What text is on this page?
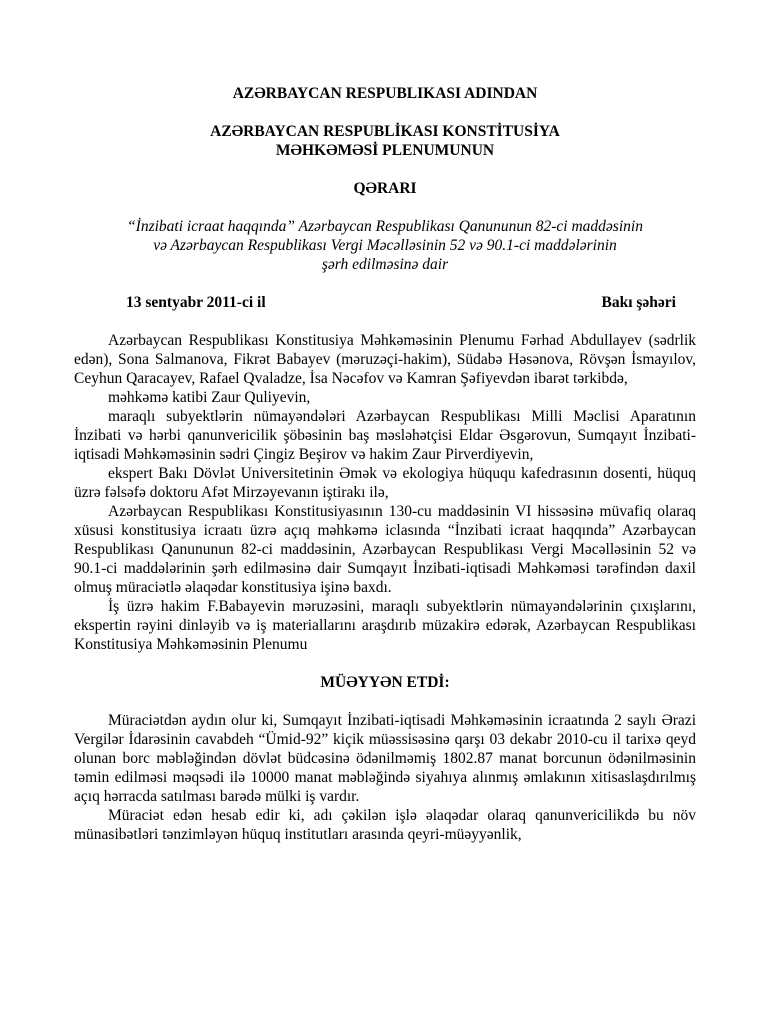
AZƏRBAYCAN RESPUBLIKASI ADINDAN
AZƏRBAYCAN RESPUBLİKASI KONSTİTUSİYA
MƏHKƏMƏSİ PLENUMUNUN
QƏRARI
“İnzibati icraat haqqında” Azərbaycan Respublikası Qanununun 82-ci maddəsinin
və Azərbaycan Respublikası Vergi Məcəlləsinin 52 və 90.1-ci maddələrinin
şərh edilməsinə dair
13 sentyabr 2011-ci il	Bakı şəhəri

Azərbaycan Respublikası Konstitusiya Məhkəməsinin Plenumu Fərhad Abdullayev (sədrlik edən), Sona Salmanova, Fikrət Babayev (məruzəçi-hakim), Südabə Həsənova, Rövşən İsmayılov, Ceyhun Qaracayev, Rafael Qvaladze, İsa Nəcəfov və Kamran Şəfiyevdən ibarət tərkibdə,

məhkəmə katibi Zaur Quliyevin,

maraqlı subyektlərin nümayəndələri Azərbaycan Respublikası Milli Məclisi Aparatının İnzibati və hərbi qanunvericilik şöbəsinin baş məsləhətçisi Eldar Əsgərovun, Sumqayıt İnzibati-iqtisadi Məhkəməsinin sədri Çingiz Beşirov və hakim Zaur Pirverdiyevin,

ekspert Bakı Dövlət Universitetinin Əmək və ekologiya hüququ kafedrasının dosenti, hüquq üzrə fəlsəfə doktoru Afət Mirzəyevanın iştirakı ilə,

Azərbaycan Respublikası Konstitusiyasının 130-cu maddəsinin VI hissəsinə müvafiq olaraq xüsusi konstitusiya icraatı üzrə açıq məhkəmə iclasında “İnzibati icraat haqqında” Azərbaycan Respublikası Qanununun 82-ci maddəsinin, Azərbaycan Respublikası Vergi Məcəlləsinin 52 və 90.1-ci maddələrinin şərh edilməsinə dair Sumqayıt İnzibati-iqtisadi Məhkəməsi tərəfindən daxil olmuş müraciətlə əlaqədar konstitusiya işinə baxdı.

İş üzrə hakim F.Babayevin məruzəsini, maraqlı subyektlərin nümayəndələrinin çıxışlarını, ekspertin rəyini dinləyib və iş materiallarını araşdırıb müzakirə edərək, Azərbaycan Respublikası Konstitusiya Məhkəməsinin Plenumu

MÜƏYYƏN ETDİ:

Müraciətdən aydın olur ki, Sumqayıt İnzibati-iqtisadi Məhkəməsinin icraatında 2 saylı Ərazi Vergilər İdarəsinin cavabdeh “Ümid-92” kiçik müəssisəsinə qarşı 03 dekabr 2010-cu il tarixə qeyd olunan borc məbləğindən dövlət büdcəsinə ödənilməmiş 1802.87 manat borcunun ödənilməsinin təmin edilməsi məqsədi ilə 10000 manat məbləğində siyahıya alınmış əmlakının xitisaslaşdırılmış açıq hərracda satılması barədə mülki iş vardır.

Müraciət edən hesab edir ki, adı çəkilən işlə əlaqədar olaraq qanunvericilikdə bu növ münasibətləri tənzimləyən hüquq institutları arasında qeyri-müəyyənlik,
